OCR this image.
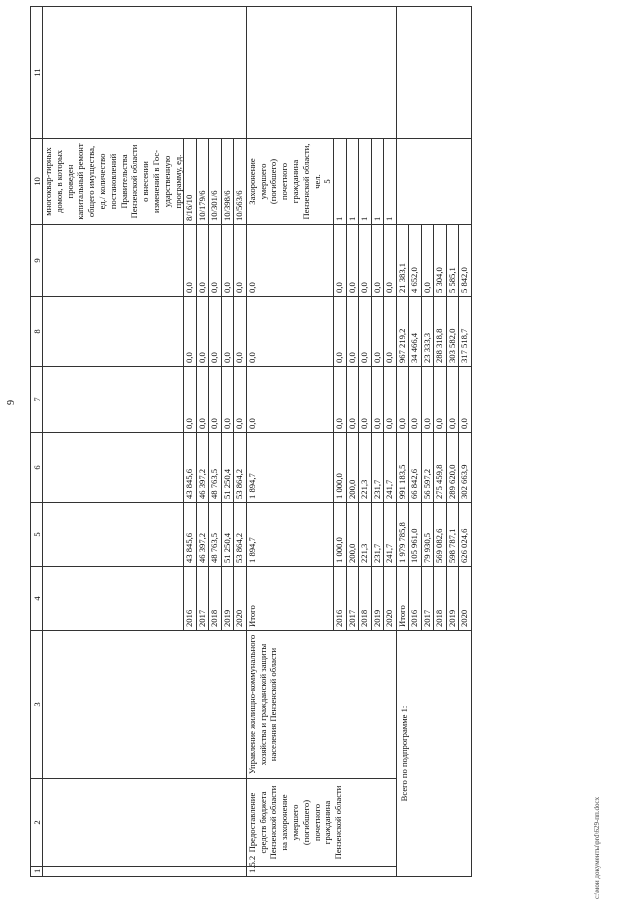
9
1	2	3	4	5	6	7	8	9	10	11
									многоквар-тирных домов, в которых проведен капитальный ремонт общего имущества, ед./ количество постановлений Правительства Пензенской области о внесении изменений в Гос-ударственную программу, ед.	
			2016	43 845,6	43 845,6	0,0	0,0	0,0	8/16/10	
			2017	46 397,2	46 397,2	0,0	0,0	0,0	10/179/6	
			2018	48 763,5	48 763,5	0,0	0,0	0,0	10/301/6	
			2019	51 250,4	51 250,4	0,0	0,0	0,0	10/398/6	
			2020	53 864,2	53 864,2	0,0	0,0	0,0	10/563/6	
1.5.2	Предоставление средств бюджета Пензенской области на захоронение умершего (погибшего) почетного гражданина Пензенской области	Управление жилищно-коммунального хозяйства и гражданской защиты населения Пензенской области	Итого	1 894,7	1 894,7	0,0	0,0	0,0	Захоронение умершего (погибшего) почетного гражданина Пензенской области, чел. 5	

			2016	1 000,0	1 000,0	0,0	0,0	0,0	1	
			2017	200,0	200,0	0,0	0,0	0,0	1	
			2018	221,3	221,3	0,0	0,0	0,0	1	
			2019	231,7	231,7	0,0	0,0	0,0	1	
			2020	241,7	241,7	0,0	0,0	0,0	1	
Всего по подпрограмме 1:			Итого	1 979 785,8	991 183,5	0,0	967 219,2	21 383,1		
			2016	105 961,0	66 842,6	0,0	34 466,4	4 652,0		
			2017	79 930,5	56 597,2	0,0	23 333,3	0,0		
			2018	569 082,6	275 459,8	0,0	288 318,8	5 304,0		
			2019	598 787,1	289 620,0	0,0	303 582,0	5 585,1		
			2020	626 024,6	302 663,9	0,0	317 518,7	5 842,0		
c:\мои документы\prd\629-пп.docx
